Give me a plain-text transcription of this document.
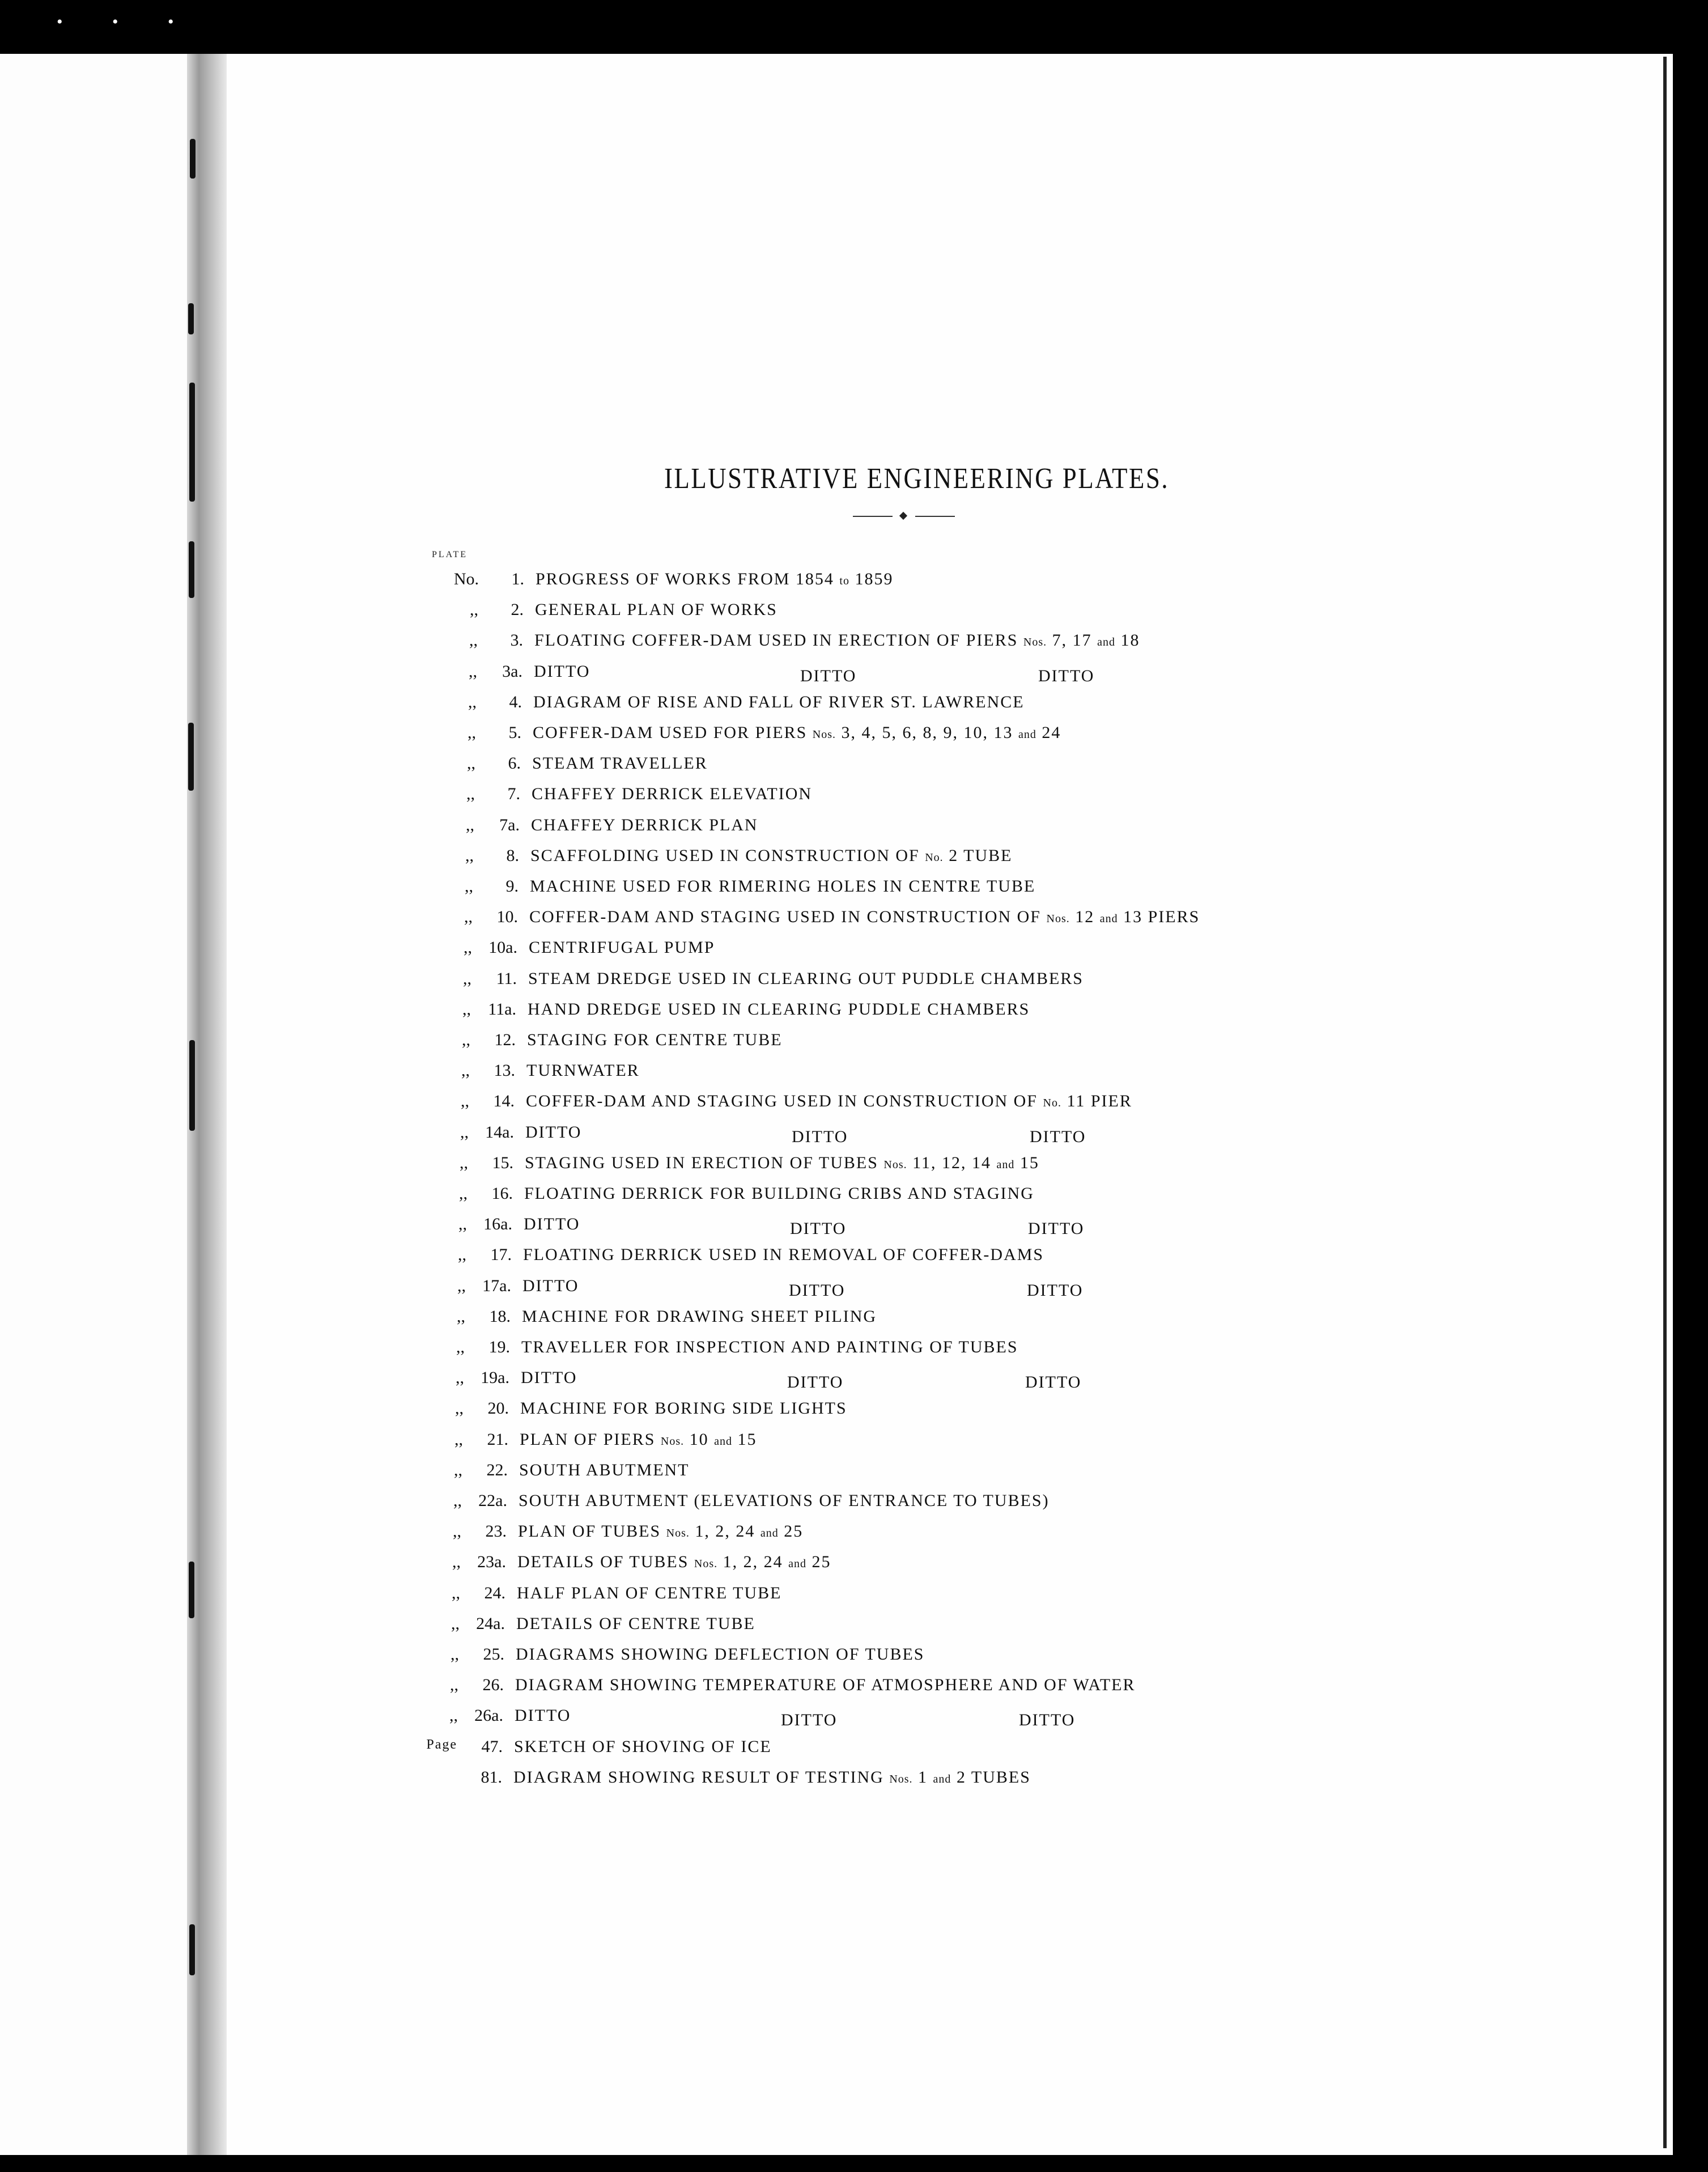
• • •
ILLUSTRATIVE ENGINEERING PLATES.
PLATE
No.	1. PROGRESS OF WORKS FROM 1854 to 1859
,,	2. GENERAL PLAN OF WORKS
,,	3. FLOATING COFFER-DAM USED IN ERECTION OF PIERS Nos. 7, 17 and 18
,,	3a. DITTO	DITTO	DITTO
,,	4. DIAGRAM OF RISE AND FALL OF RIVER ST. LAWRENCE
,,	5. COFFER-DAM USED FOR PIERS Nos. 3, 4, 5, 6, 8, 9, 10, 13 and 24
,,	6. STEAM TRAVELLER
,,	7. CHAFFEY DERRICK ELEVATION
,,	7a. CHAFFEY DERRICK PLAN
,,	8. SCAFFOLDING USED IN CONSTRUCTION OF No. 2 TUBE
,,	9. MACHINE USED FOR RIMERING HOLES IN CENTRE TUBE
,,	10. COFFER-DAM AND STAGING USED IN CONSTRUCTION OF Nos. 12 and 13 PIERS
,, 10a. CENTRIFUGAL PUMP
,,	11. STEAM DREDGE USED IN CLEARING OUT PUDDLE CHAMBERS
,,	11a. HAND DREDGE USED IN CLEARING PUDDLE CHAMBERS
,,	12. STAGING FOR CENTRE TUBE
,,	13. TURNWATER
,,	14. COFFER-DAM AND STAGING USED IN CONSTRUCTION OF No. 11 PIER
,, 14a. DITTO	DITTO	DITTO
,,	15. STAGING USED IN ERECTION OF TUBES Nos. 11, 12, 14 and 15
,,	16. FLOATING DERRICK FOR BUILDING CRIBS AND STAGING
,, 16a. DITTO	DITTO	DITTO
,,	17. FLOATING DERRICK USED IN REMOVAL OF COFFER-DAMS
,, 17a. DITTO	DITTO	DITTO
,,	18. MACHINE FOR DRAWING SHEET PILING
,,	19. TRAVELLER FOR INSPECTION AND PAINTING OF TUBES
,, 19a. DITTO	DITTO	DITTO
,,	20. MACHINE FOR BORING SIDE LIGHTS
,,	21. PLAN OF PIERS Nos. 10 and 15
,,	22. SOUTH ABUTMENT
,, 22a. SOUTH ABUTMENT (ELEVATIONS OF ENTRANCE TO TUBES)
,,	23. PLAN OF TUBES Nos. 1, 2, 24 and 25
,, 23a. DETAILS OF TUBES Nos. 1, 2, 24 and 25
,,	24. HALF PLAN OF CENTRE TUBE
,, 24a. DETAILS OF CENTRE TUBE
,,	25. DIAGRAMS SHOWING DEFLECTION OF TUBES
,,	26. DIAGRAM SHOWING TEMPERATURE OF ATMOSPHERE AND OF WATER
,, 26a. DITTO	DITTO	DITTO
Page	47. SKETCH OF SHOVING OF ICE
81. DIAGRAM SHOWING RESULT OF TESTING Nos. 1 and 2 TUBES
